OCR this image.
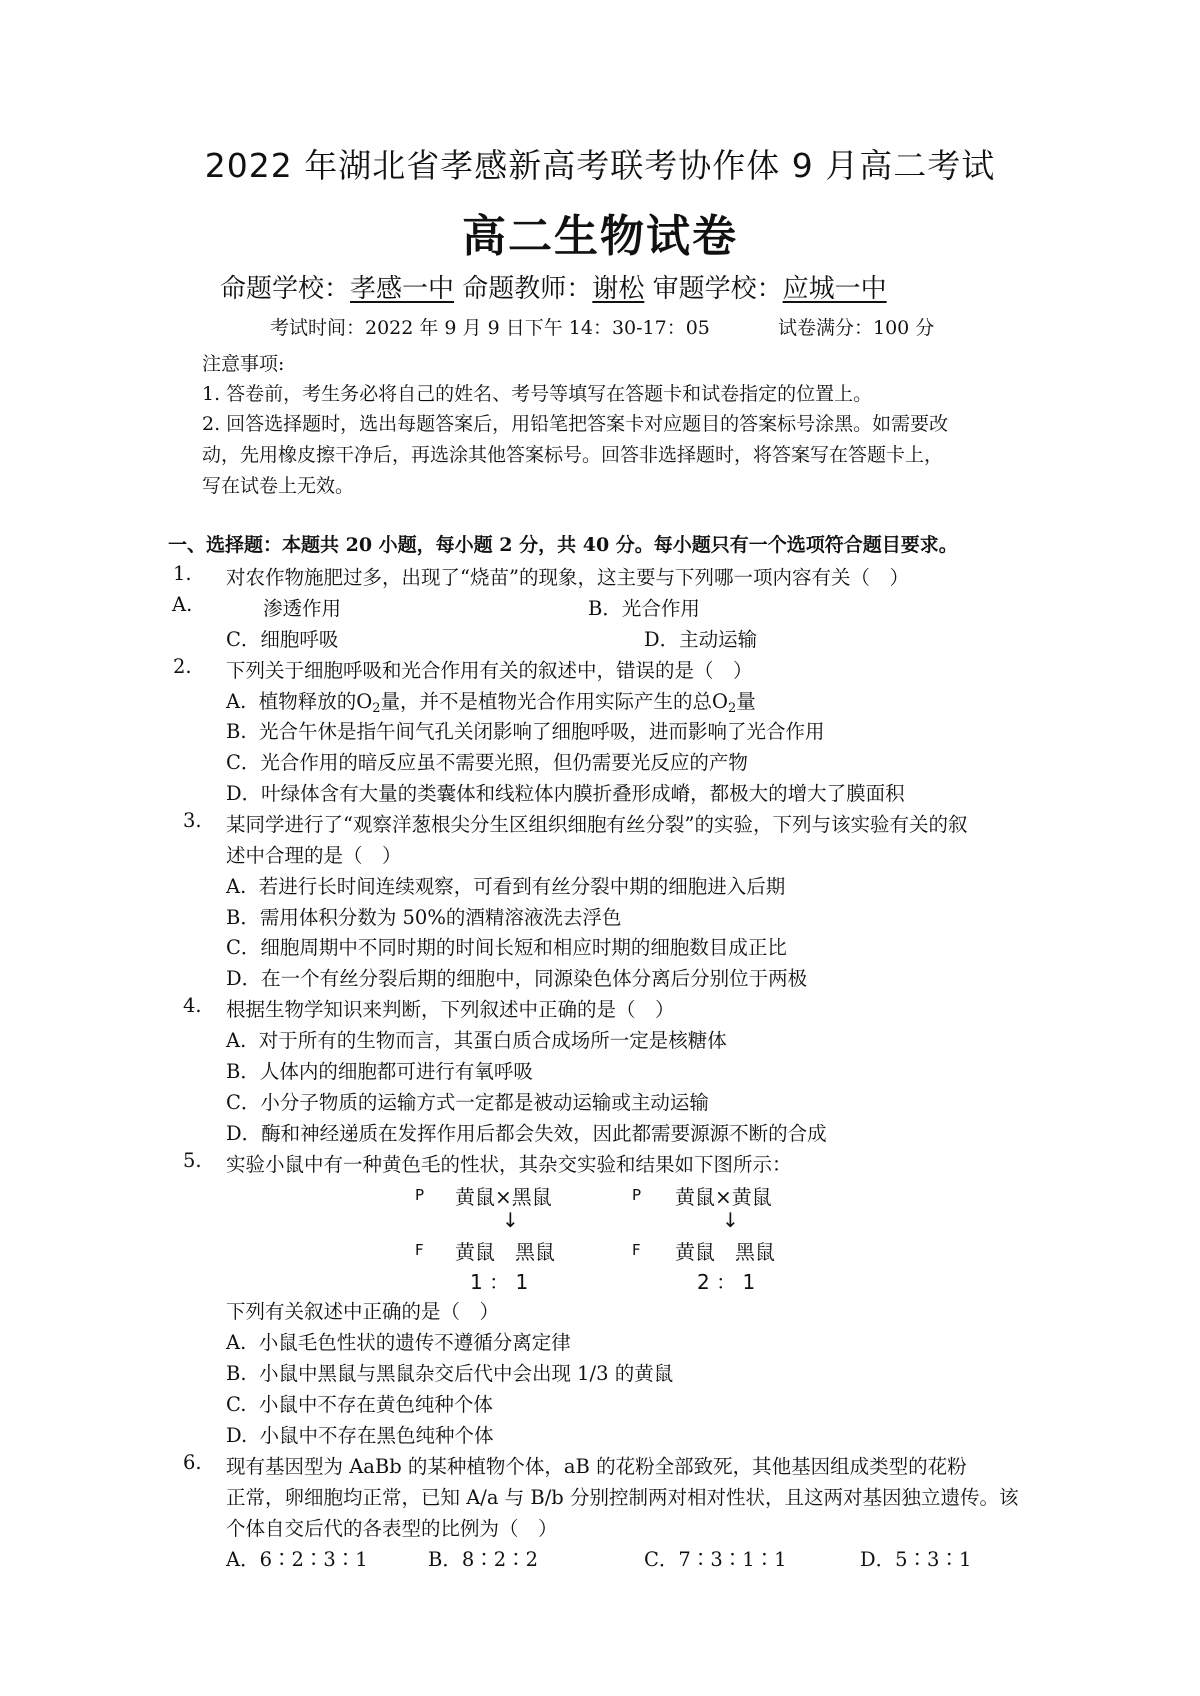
2022 年湖北省孝感新高考联考协作体 9 月高二考试
高二生物试卷
命题学校：孝感一中 命题教师：谢松 审题学校：应城一中
考试时间：2022 年 9 月 9 日下午 14：30-17：05	试卷满分：100 分
注意事项:
1. 答卷前，考生务必将自己的姓名、考号等填写在答题卡和试卷指定的位置上。
2. 回答选择题时，选出每题答案后，用铅笔把答案卡对应题目的答案标号涂黑。如需要改
动，先用橡皮擦干净后，再选涂其他答案标号。回答非选择题时，将答案写在答题卡上，
写在试卷上无效。
一、选择题：本题共 20 小题，每小题 2 分，共 40 分。每小题只有一个选项符合题目要求。
1. 对农作物施肥过多，出现了“烧苗”的现象，这主要与下列哪一项内容有关（　）
A.	渗透作用	B．光合作用
C．细胞呼吸	D．主动运输
2. 下列关于细胞呼吸和光合作用有关的叙述中，错误的是（　）
A. 植物释放的$O_2$量，并不是植物光合作用实际产生的总$O_2$量
B. 光合午休是指午间气孔关闭影响了细胞呼吸，进而影响了光合作用
C．光合作用的暗反应虽不需要光照，但仍需要光反应的产物
D．叶绿体含有大量的类囊体和线粒体内膜折叠形成嵴，都极大的增大了膜面积
3. 某同学进行了“观察洋葱根尖分生区组织细胞有丝分裂”的实验，下列与该实验有关的叙
述中合理的是（　）
A. 若进行长时间连续观察，可看到有丝分裂中期的细胞进入后期
B．需用体积分数为 50%的酒精溶液洗去浮色
C．细胞周期中不同时期的时间长短和相应时期的细胞数目成正比
D．在一个有丝分裂后期的细胞中，同源染色体分离后分别位于两极
4. 根据生物学知识来判断，下列叙述中正确的是（　）
A. 对于所有的生物而言，其蛋白质合成场所一定是核糖体
B．人体内的细胞都可进行有氧呼吸
C．小分子物质的运输方式一定都是被动运输或主动运输
D．酶和神经递质在发挥作用后都会失效，因此都需要源源不断的合成
5. 实验小鼠中有一种黄色毛的性状，其杂交实验和结果如下图所示：
P 黄鼠×黑鼠
↓
F 黄鼠　黑鼠
1 ： 1
P 黄鼠×黄鼠
↓
F 黄鼠　黑鼠
2 ： 1
下列有关叙述中正确的是（　）
A. 小鼠毛色性状的遗传不遵循分离定律
B. 小鼠中黑鼠与黑鼠杂交后代中会出现 1/3 的黄鼠
C. 小鼠中不存在黄色纯种个体
D. 小鼠中不存在黑色纯种个体
6. 现有基因型为 AaBb 的某种植物个体，aB 的花粉全部致死，其他基因组成类型的花粉
正常，卵细胞均正常，已知 A/a 与 B/b 分别控制两对相对性状，且这两对基因独立遗传。该
个体自交后代的各表型的比例为（　）
A．6∶2∶3∶1	B．8∶2∶2	C．7∶3∶1∶1	D．5∶3∶1
